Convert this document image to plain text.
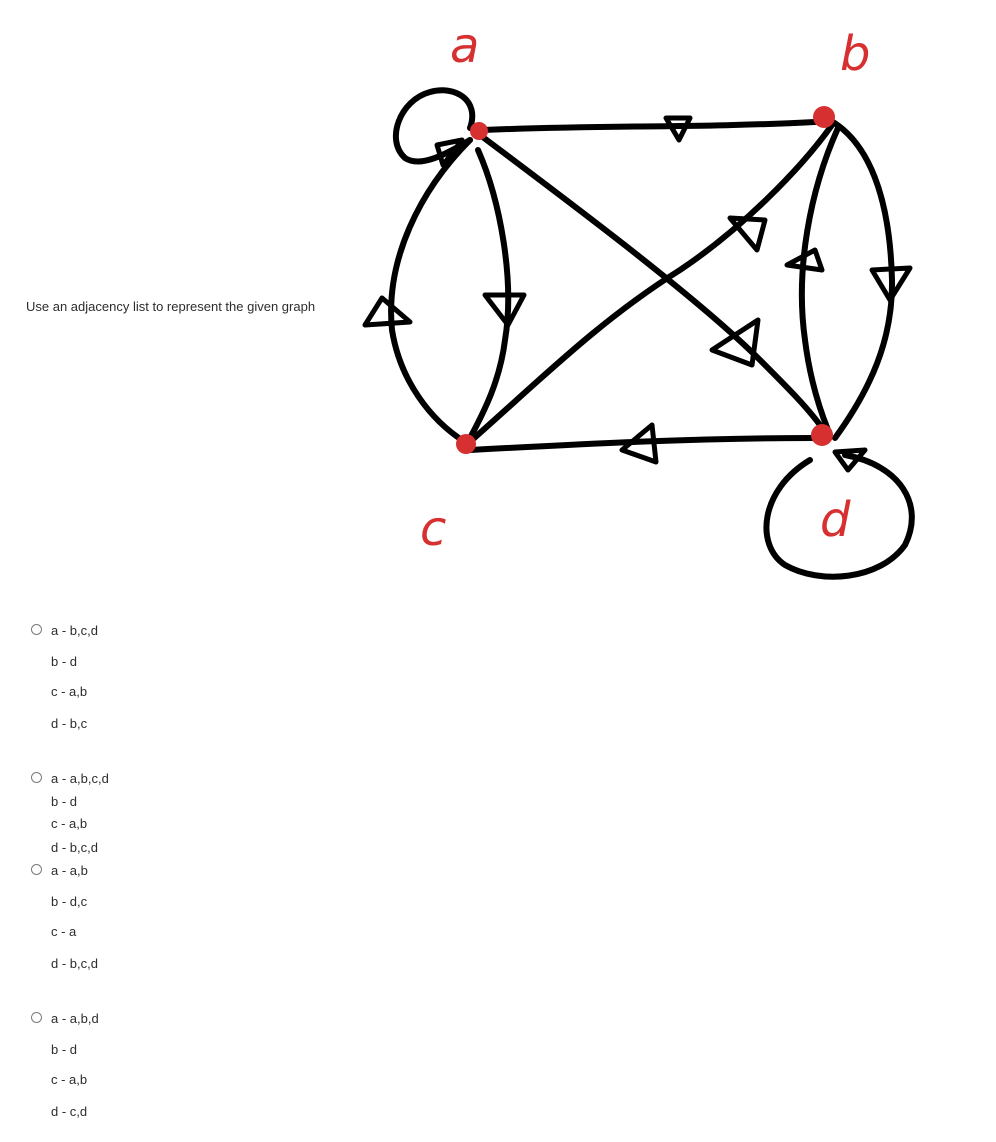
Use an adjacency list to represent the given graph
a	b
c	d
a - b,c,d
b - d
c - a,b
d - b,c
a - a,b,c,d
b - d
c - a,b
d - b,c,d
a - a,b
b - d,c
c - a
d - b,c,d
a - a,b,d
b - d
c - a,b
d - c,d
